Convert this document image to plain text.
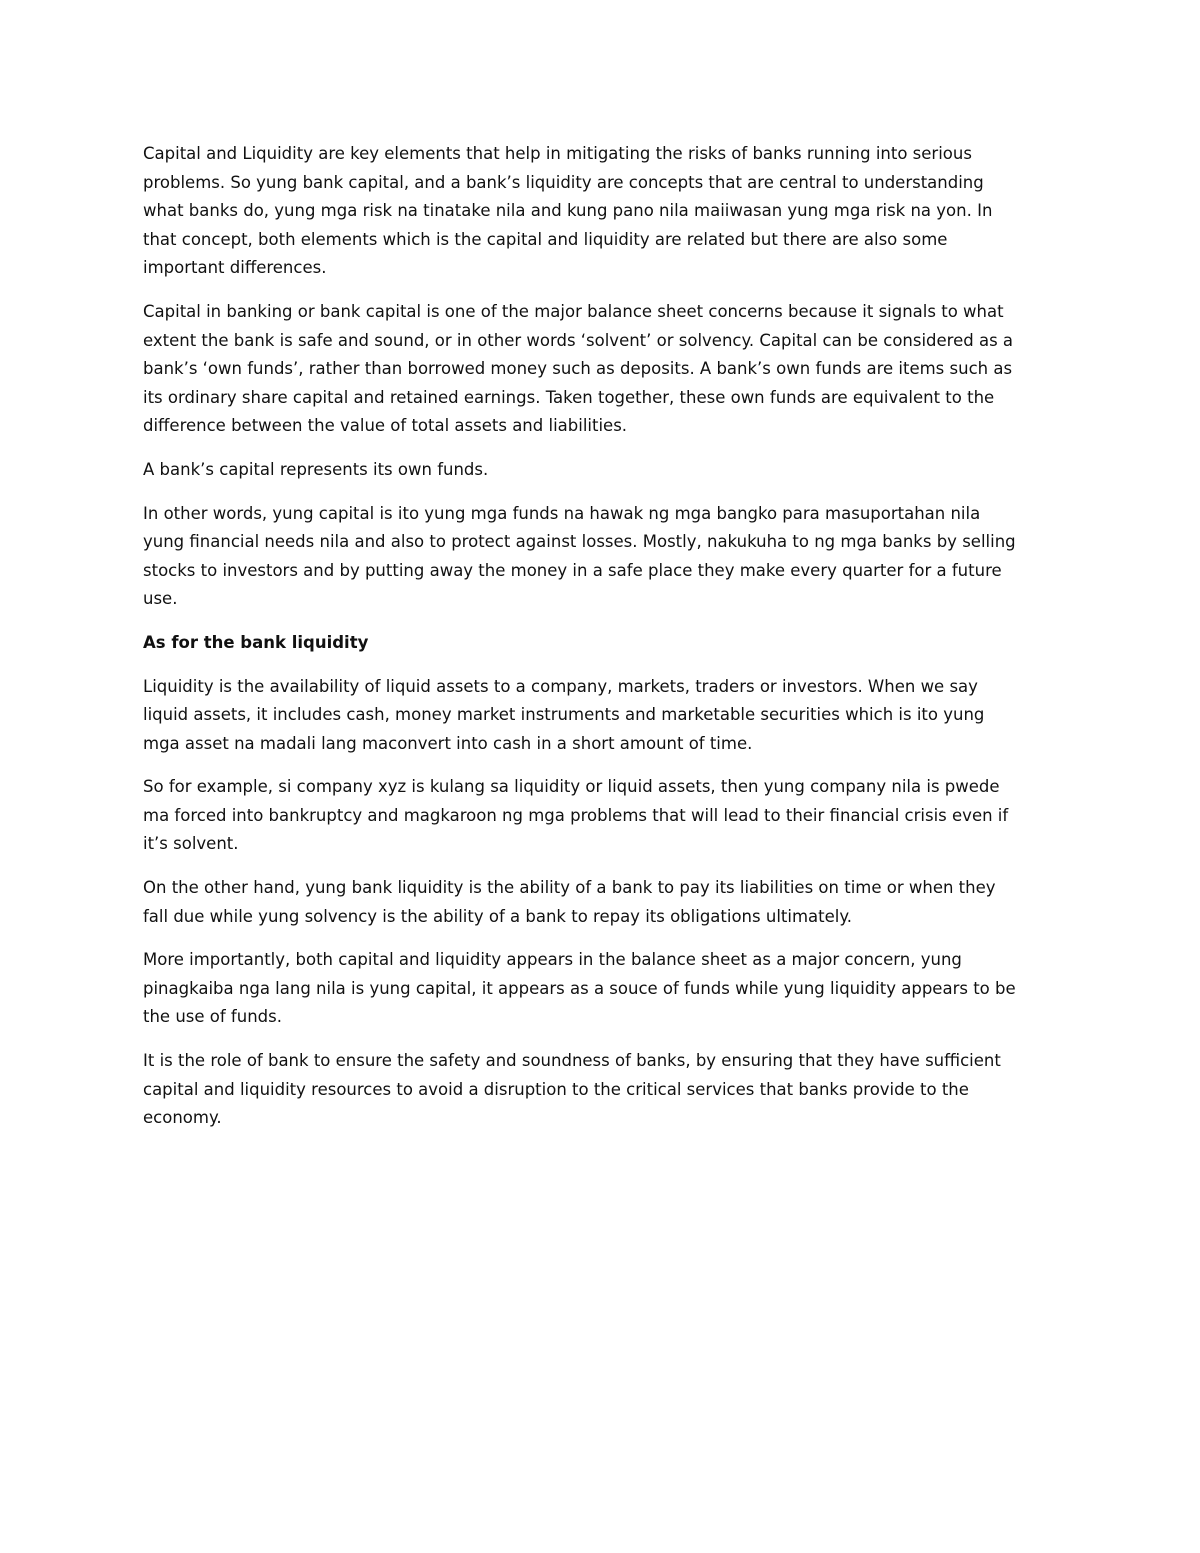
Capital and Liquidity are key elements that help in mitigating the risks of banks running into serious
problems. So yung bank capital, and a bank’s liquidity are concepts that are central to understanding
what banks do, yung mga risk na tinatake nila and kung pano nila maiiwasan yung mga risk na yon. In
that concept, both elements which is the capital and liquidity are related but there are also some
important differences.

Capital in banking or bank capital is one of the major balance sheet concerns because it signals to what
extent the bank is safe and sound, or in other words ‘solvent’ or solvency. Capital can be considered as a
bank’s ‘own funds’, rather than borrowed money such as deposits. A bank’s own funds are items such as
its ordinary share capital and retained earnings. Taken together, these own funds are equivalent to the
difference between the value of total assets and liabilities.

A bank’s capital represents its own funds.

In other words, yung capital is ito yung mga funds na hawak ng mga bangko para masuportahan nila
yung financial needs nila and also to protect against losses. Mostly, nakukuha to ng mga banks by selling
stocks to investors and by putting away the money in a safe place they make every quarter for a future
use.

As for the bank liquidity

Liquidity is the availability of liquid assets to a company, markets, traders or investors. When we say
liquid assets, it includes cash, money market instruments and marketable securities which is ito yung
mga asset na madali lang maconvert into cash in a short amount of time.

So for example, si company xyz is kulang sa liquidity or liquid assets, then yung company nila is pwede
ma forced into bankruptcy and magkaroon ng mga problems that will lead to their financial crisis even if
it’s solvent.

On the other hand, yung bank liquidity is the ability of a bank to pay its liabilities on time or when they
fall due while yung solvency is the ability of a bank to repay its obligations ultimately.

More importantly, both capital and liquidity appears in the balance sheet as a major concern, yung
pinagkaiba nga lang nila is yung capital, it appears as a souce of funds while yung liquidity appears to be
the use of funds.

It is the role of bank to ensure the safety and soundness of banks, by ensuring that they have sufficient
capital and liquidity resources to avoid a disruption to the critical services that banks provide to the
economy.
